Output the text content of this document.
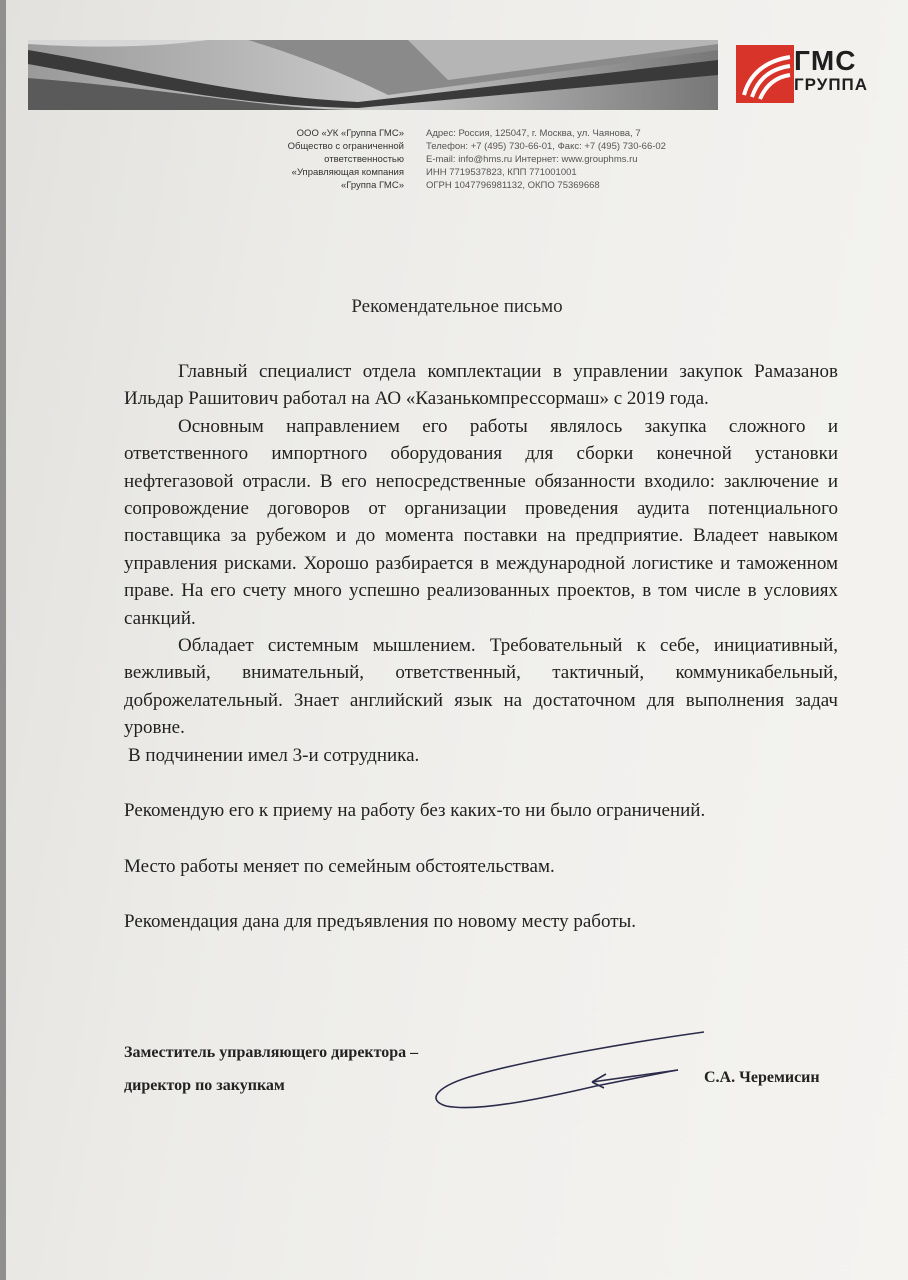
ГМС
ГРУППА
ООО «УК «Группа ГМС»
Общество с ограниченной
ответственностью
«Управляющая компания
«Группа ГМС»
Адрес: Россия, 125047, г. Москва, ул. Чаянова, 7
Телефон: +7 (495) 730-66-01, Факс: +7 (495) 730-66-02
E-mail: info@hms.ru Интернет: www.grouphms.ru
ИНН 7719537823, КПП 771001001
ОГРН 1047796981132, ОКПО 75369668
Рекомендательное письмо

Главный специалист отдела комплектации в управлении закупок Рамазанов Ильдар Рашитович работал на АО «Казанькомпрессормаш» с 2019 года.

Основным направлением его работы являлось закупка сложного и ответственного импортного оборудования для сборки конечной установки нефтегазовой отрасли. В его непосредственные обязанности входило: заключение и сопровождение договоров от организации проведения аудита потенциального поставщика за рубежом и до момента поставки на предприятие. Владеет навыком управления рисками. Хорошо разбирается в международной логистике и таможенном праве. На его счету много успешно реализованных проектов, в том числе в условиях санкций.

Обладает системным мышлением. Требовательный к себе, инициативный, вежливый, внимательный, ответственный, тактичный, коммуникабельный, доброжелательный. Знает английский язык на достаточном для выполнения задач уровне.

В подчинении имел 3-и сотрудника.

Рекомендую его к приему на работу без каких-то ни было ограничений.

Место работы меняет по семейным обстоятельствам.

Рекомендация дана для предъявления по новому месту работы.

Заместитель управляющего директора –
директор по закупкам	С.А. Черемисин
